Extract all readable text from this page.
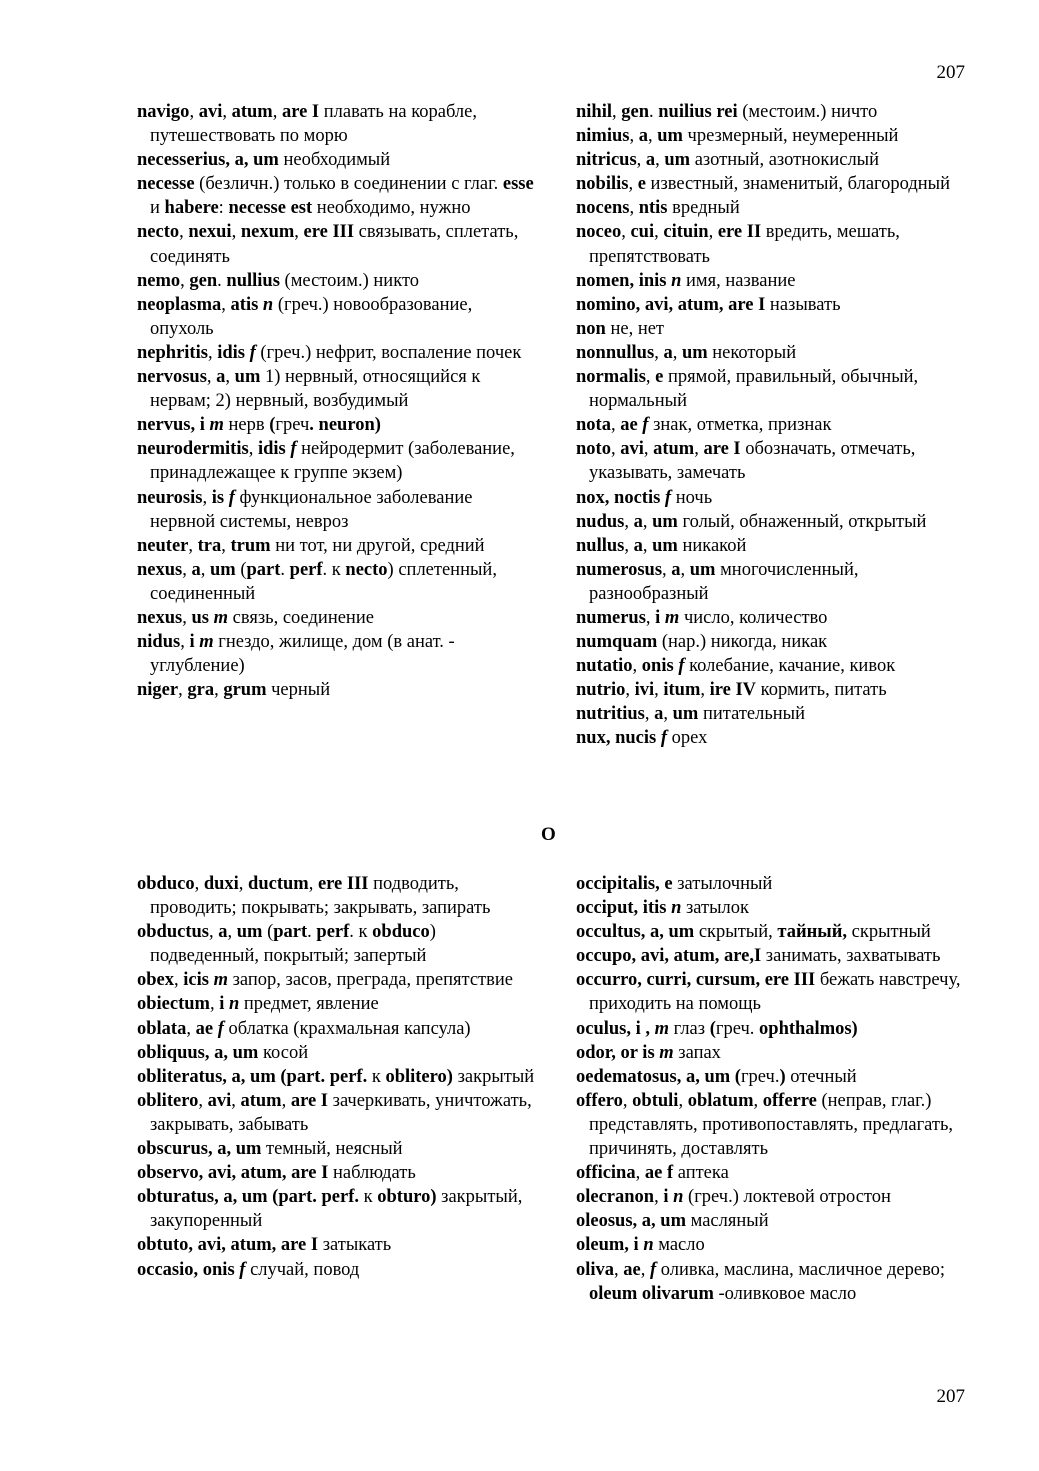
207
navigo, avi, atum, are I плавать на корабле, путешествовать по морю
necesserius, a, um необходимый
necesse (безличн.) только в соединении с глаг. esse и habere: necesse est необходимо, нужно
necto, nexui, nexum, ere III связывать, сплетать, соединять
nemo, gen. nullius (местоим.) никто
neoplasma, atis n (греч.) новообразование, опухоль
nephritis, idis f (греч.) нефрит, воспаление почек
nervosus, a, um 1) нервный, относящийся к нервам; 2) нервный, возбудимый
nervus, i m нерв (греч. neuron)
neurodermitis, idis f нейродермит (заболевание, принадлежащее к группе экзем)
neurosis, is f функциональное заболевание нервной системы, невроз
neuter, tra, trum ни тот, ни другой, средний
nexus, a, um (part. perf. к necto) сплетенный, соединенный
nexus, us m связь, соединение
nidus, i m гнездо, жилище, дом (в анат. - углубление)
niger, gra, grum черный
nihil, gen. nuilius rei (местоим.) ничто
nimius, a, um чрезмерный, неумеренный
nitricus, a, um азотный, азотнокислый
nobilis, e известный, знаменитый, благородный
nocens, ntis вредный
noceo, cui, cituin, ere II вредить, мешать, препятствовать
nomen, inis n имя, название
nomino, avi, atum, are I называть
non не, нет
nonnullus, a, um некоторый
normalis, e прямой, правильный, обычный, нормальный
nota, ae f знак, отметка, признак
noto, avi, atum, are I обозначать, отмечать, указывать, замечать
nox, noctis f ночь
nudus, a, um голый, обнаженный, открытый
nullus, a, um никакой
numerosus, a, um многочисленный, разнообразный
numerus, i m число, количество
numquam (нар.) никогда, никак
nutatio, onis f колебание, качание, кивок
nutrio, ivi, itum, ire IV кормить, питать
nutritius, a, um питательный
nux, nucis f орех
O
obduco, duxi, ductum, ere III подводить, проводить; покрывать; закрывать, запирать
obductus, a, um (part. perf. к obduco) подведенный, покрытый; запертый
obex, icis m запор, засов, преграда, препятствие
obiectum, i n предмет, явление
oblata, ae f облатка (крахмальная капсула)
obliquus, a, um косой
obliteratus, a, um (part. perf. к oblitero) закрытый
oblitero, avi, atum, are I зачеркивать, уничтожать, закрывать, забывать
obscurus, a, um темный, неясный
observo, avi, atum, are I наблюдать
obturatus, a, um (part. perf. к obturo) закрытый, закупоренный
obtuto, avi, atum, are I затыкать
occasio, onis f случай, повод
occipitalis, e затылочный
occiput, itis n затылок
occultus, a, um скрытый, тайный, скрытный
occupo, avi, atum, are,I занимать, захватывать
occurro, curri, cursum, ere III бежать навстречу, приходить на помощь
oculus, i , m глаз (греч. ophthalmos)
odor, or is m запах
oedematosus, a, um (греч.) отечный
offero, obtuli, oblatum, offerre (неправ, глаг.) представлять, противопоставлять, предлагать, причинять, доставлять
officina, ae f аптека
olecranon, i n (греч.) локтевой отростон
oleosus, a, um масляный
oleum, i n масло
oliva, ae, f оливка, маслина, масличное дерево; oleum olivarum -оливковое масло
207
